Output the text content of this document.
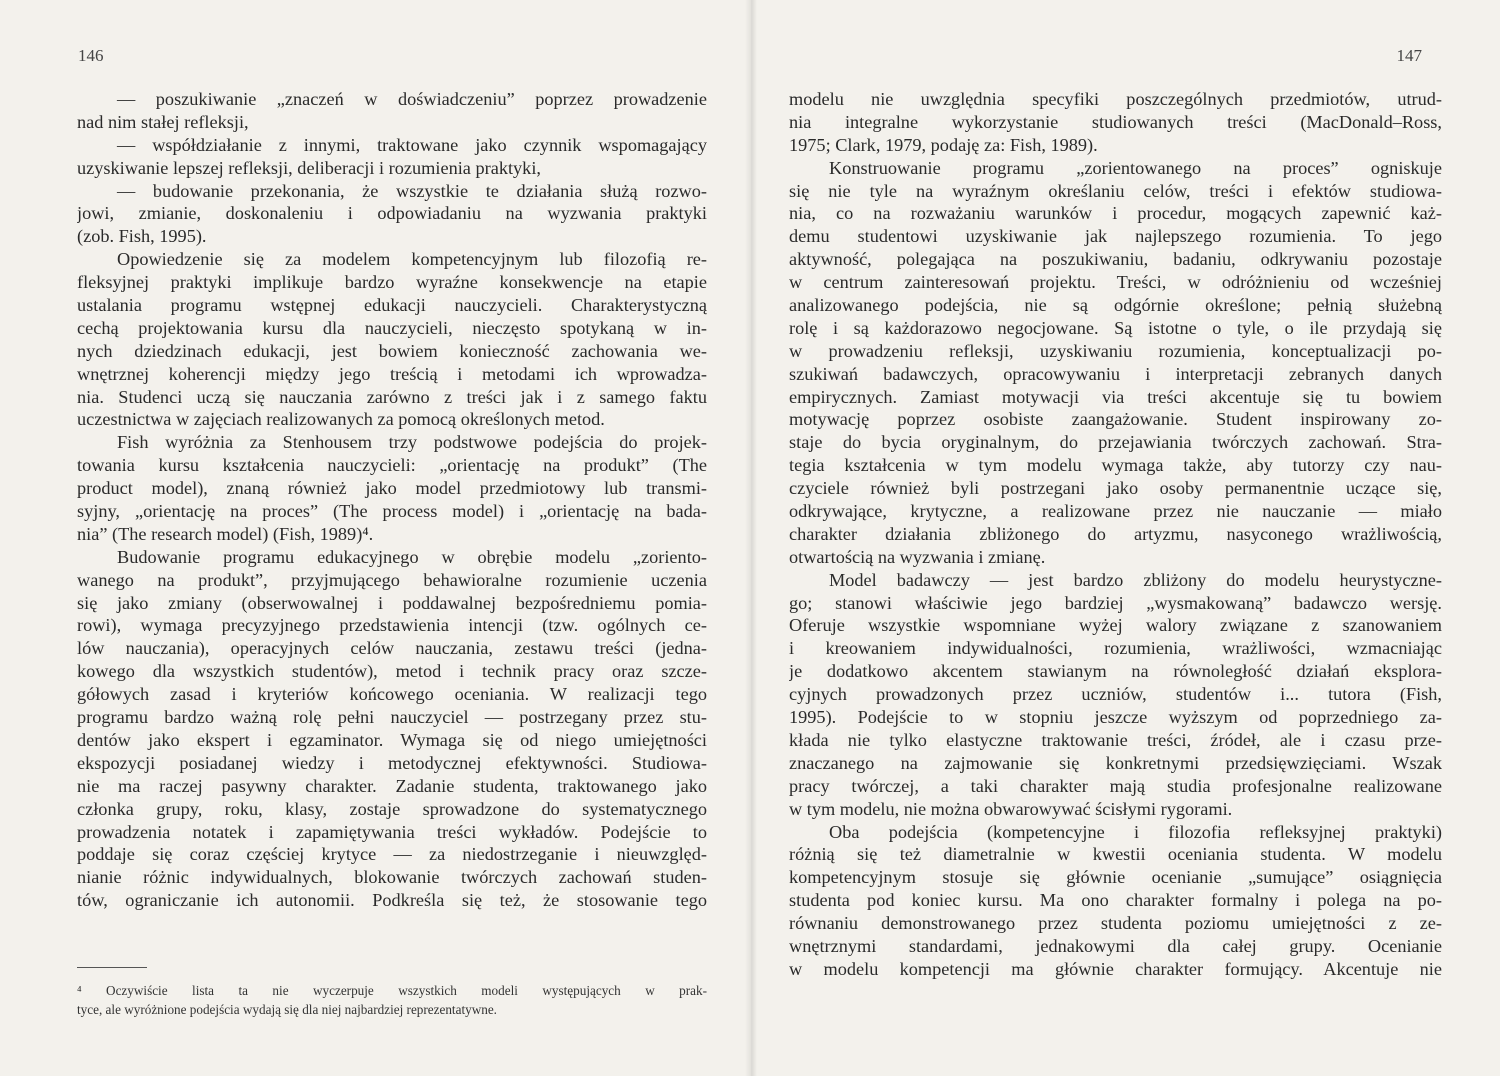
146
— poszukiwanie „znaczeń w doświadczeniu” poprzez prowadzenie
nad nim stałej refleksji,
— współdziałanie z innymi, traktowane jako czynnik wspomagający
uzyskiwanie lepszej refleksji, deliberacji i rozumienia praktyki,
— budowanie przekonania, że wszystkie te działania służą rozwo-
jowi, zmianie, doskonaleniu i odpowiadaniu na wyzwania praktyki
(zob. Fish, 1995).
Opowiedzenie się za modelem kompetencyjnym lub filozofią re-
fleksyjnej praktyki implikuje bardzo wyraźne konsekwencje na etapie
ustalania programu wstępnej edukacji nauczycieli. Charakterystyczną
cechą projektowania kursu dla nauczycieli, nieczęsto spotykaną w in-
nych dziedzinach edukacji, jest bowiem konieczność zachowania we-
wnętrznej koherencji między jego treścią i metodami ich wprowadza-
nia. Studenci uczą się nauczania zarówno z treści jak i z samego faktu
uczestnictwa w zajęciach realizowanych za pomocą określonych metod.
Fish wyróżnia za Stenhousem trzy podstwowe podejścia do projek-
towania kursu kształcenia nauczycieli: „orientację na produkt” (The
product model), znaną również jako model przedmiotowy lub transmi-
syjny, „orientację na proces” (The process model) i „orientację na bada-
nia” (The research model) (Fish, 1989)⁴.
Budowanie programu edukacyjnego w obrębie modelu „zoriento-
wanego na produkt”, przyjmującego behawioralne rozumienie uczenia
się jako zmiany (obserwowalnej i poddawalnej bezpośredniemu pomia-
rowi), wymaga precyzyjnego przedstawienia intencji (tzw. ogólnych ce-
lów nauczania), operacyjnych celów nauczania, zestawu treści (jedna-
kowego dla wszystkich studentów), metod i technik pracy oraz szcze-
gółowych zasad i kryteriów końcowego oceniania. W realizacji tego
programu bardzo ważną rolę pełni nauczyciel — postrzegany przez stu-
dentów jako ekspert i egzaminator. Wymaga się od niego umiejętności
ekspozycji posiadanej wiedzy i metodycznej efektywności. Studiowa-
nie ma raczej pasywny charakter. Zadanie studenta, traktowanego jako
członka grupy, roku, klasy, zostaje sprowadzone do systematycznego
prowadzenia notatek i zapamiętywania treści wykładów. Podejście to
poddaje się coraz częściej krytyce — za niedostrzeganie i nieuwzględ-
nianie różnic indywidualnych, blokowanie twórczych zachowań studen-
tów, ograniczanie ich autonomii. Podkreśla się też, że stosowanie tego
⁴ Oczywiście lista ta nie wyczerpuje wszystkich modeli występujących w prak-
tyce, ale wyróżnione podejścia wydają się dla niej najbardziej reprezentatywne.
147
modelu nie uwzględnia specyfiki poszczególnych przedmiotów, utrud-
nia integralne wykorzystanie studiowanych treści (MacDonald–Ross,
1975; Clark, 1979, podaję za: Fish, 1989).
Konstruowanie programu „zorientowanego na proces” ogniskuje
się nie tyle na wyraźnym określaniu celów, treści i efektów studiowa-
nia, co na rozważaniu warunków i procedur, mogących zapewnić każ-
demu studentowi uzyskiwanie jak najlepszego rozumienia. To jego
aktywność, polegająca na poszukiwaniu, badaniu, odkrywaniu pozostaje
w centrum zainteresowań projektu. Treści, w odróżnieniu od wcześniej
analizowanego podejścia, nie są odgórnie określone; pełnią służebną
rolę i są każdorazowo negocjowane. Są istotne o tyle, o ile przydają się
w prowadzeniu refleksji, uzyskiwaniu rozumienia, konceptualizacji po-
szukiwań badawczych, opracowywaniu i interpretacji zebranych danych
empirycznych. Zamiast motywacji via treści akcentuje się tu bowiem
motywację poprzez osobiste zaangażowanie. Student inspirowany zo-
staje do bycia oryginalnym, do przejawiania twórczych zachowań. Stra-
tegia kształcenia w tym modelu wymaga także, aby tutorzy czy nau-
czyciele również byli postrzegani jako osoby permanentnie uczące się,
odkrywające, krytyczne, a realizowane przez nie nauczanie — miało
charakter działania zbliżonego do artyzmu, nasyconego wrażliwością,
otwartością na wyzwania i zmianę.
Model badawczy — jest bardzo zbliżony do modelu heurystyczne-
go; stanowi właściwie jego bardziej „wysmakowaną” badawczo wersję.
Oferuje wszystkie wspomniane wyżej walory związane z szanowaniem
i kreowaniem indywidualności, rozumienia, wrażliwości, wzmacniając
je dodatkowo akcentem stawianym na równoległość działań eksplora-
cyjnych prowadzonych przez uczniów, studentów i... tutora (Fish,
1995). Podejście to w stopniu jeszcze wyższym od poprzedniego za-
kłada nie tylko elastyczne traktowanie treści, źródeł, ale i czasu prze-
znaczanego na zajmowanie się konkretnymi przedsięwzięciami. Wszak
pracy twórczej, a taki charakter mają studia profesjonalne realizowane
w tym modelu, nie można obwarowywać ścisłymi rygorami.
Oba podejścia (kompetencyjne i filozofia refleksyjnej praktyki)
różnią się też diametralnie w kwestii oceniania studenta. W modelu
kompetencyjnym stosuje się głównie ocenianie „sumujące” osiągnięcia
studenta pod koniec kursu. Ma ono charakter formalny i polega na po-
równaniu demonstrowanego przez studenta poziomu umiejętności z ze-
wnętrznymi standardami, jednakowymi dla całej grupy. Ocenianie
w modelu kompetencji ma głównie charakter formujący. Akcentuje nie
